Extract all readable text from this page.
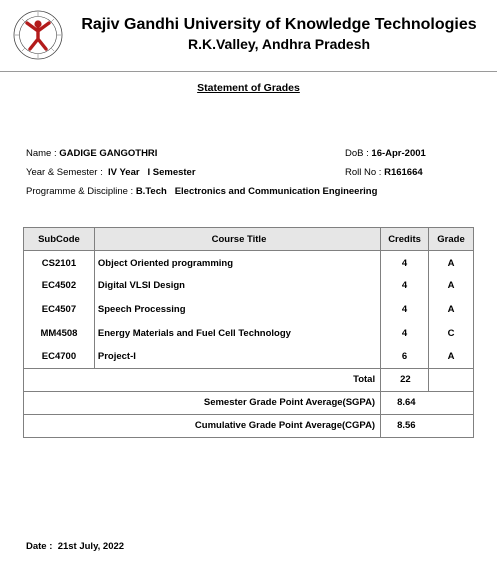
Rajiv Gandhi University of Knowledge Technologies
R.K.Valley, Andhra Pradesh
Statement of Grades
Name : GADIGE GANGOTHRI	DoB : 16-Apr-2001
Year & Semester : IV Year I Semester	Roll No : R161664
Programme & Discipline : B.Tech Electronics and Communication Engineering
SubCode	Course Title	Credits	Grade
CS2101	Object Oriented programming	4	A
EC4502	Digital VLSI Design	4	A
EC4507	Speech Processing	4	A
MM4508	Energy Materials and Fuel Cell Technology	4	C
EC4700	Project-I	6	A
Total		22	
Semester Grade Point Average(SGPA)		8.64	
Cumulative Grade Point Average(CGPA)		8.56	
Date : 21st July, 2022
